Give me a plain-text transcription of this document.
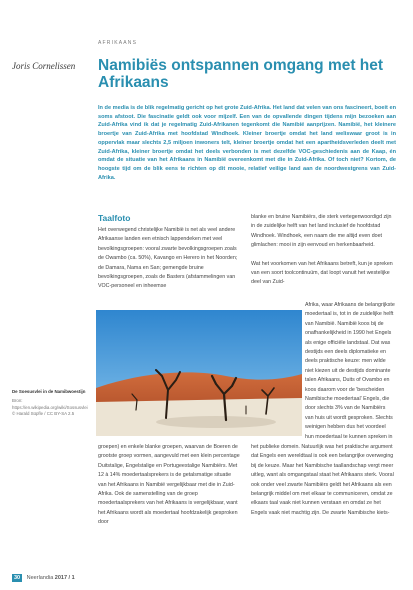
AFRIKAANS
Joris Cornelissen Namibiës ontspannen omgang met het Afrikaans

In de media is de blik regelmatig gericht op het grote Zuid-Afrika. Het land dat velen van ons fascineert, boeit en soms afstoot. Die fascinatie geldt ook voor mijzelf. Een van de opvallende dingen tijdens mijn bezoeken aan Zuid-Afrika vind ik dat je regelmatig Zuid-Afrikanen tegenkomt die Namibië aanprijzen. Namibië, het kleinere broertje van Zuid-Afrika met hoofdstad Windhoek. Kleiner broertje omdat het land weliswaar groot is in oppervlak maar slechts 2,5 miljoen inwoners telt, kleiner broertje omdat het een apartheidsverleden deelt met Zuid-Afrika, kleiner broertje omdat het deels verbonden is met dezelfde VOC-geschiedenis aan de Kaap, én omdat de situatie van het Afrikaans in Namibië overeenkomt met die in Zuid-Afrika. Of toch niet? Kortom, de hoogste tijd om de blik eens te richten op dit mooie, relatief veilige land aan de noordwestgrens van Zuid-Afrika.

Taalfoto

Het overwegend christelijke Namibië is net als veel andere Afrikaanse landen een etnisch lappendeken met veel bevolkingsgroepen: vooral zwarte bevolkingsgroepen zoals de Owambo (ca. 50%), Kavango en Herero in het Noorden; de Damara, Nama en San; gemengde bruine bevolkingsgroepen, zoals de Basters (afstammelingen van VOC-personeel en inheemse

blanke en bruine Namibiërs, die sterk vertegenwoordigd zijn in de zuidelijke helft van het land inclusief de hoofdstad Windhoek. Windhoek, een naam die me altijd even doet glimlachen: mooi in zijn eenvoud en herkenbaarheid.

Wat het voorkomen van het Afrikaans betreft, kun je spreken van een soort toolcontinuüm, dat loopt vanuit het westelijke deel van Zuid-

Afrika, waar Afrikaans de belangrijkste moedertaal is, tot in de zuidelijke helft van Namibië. Namibië koos bij de onafhankelijkheid in 1990 het Engels als enige officiële landstaal. Dat was destijds een deels diplomatieke en deels praktische keuze: men wilde niet kiezen uit de destijds dominante talen Afrikaans, Duits of Ovambo en koos daarom voor de 'bescheiden Namibische moedertaal' Engels, die door slechts 3% van de Namibiërs van huis uit wordt gesproken. Slechts weinigen hebben dus het voordeel hun moedertaal te kunnen spreken in

De Soesusvlei in de Namibwoestijn
Bron: https://en.wikipedia.org/wiki/Sossusvlei © Harald Süpfle / CC BY-SA 2.5

groepen) en enkele blanke groepen, waarvan de Boeren de grootste groep vormen, aangevuld met een klein percentage Duitstalige, Engelstalige en Portugeestalige Namibiërs. Met 12 à 14% moedertaalsprekers is de getalsmatige situatie van het Afrikaans in Namibië vergelijkbaar met die in Zuid-Afrika. Ook de samenstelling van de groep moedertaalsprekers van het Afrikaans is vergelijkbaar, want het Afrikaans wordt als moedertaal hoofdzakelijk gesproken door

het publieke domein. Natuurlijk was het praktische argument dat Engels een wereldtaal is ook een belangrijke overweging bij de keuze. Maar het Namibische taallandschap vergt meer uitleg, want als omgangstaal staat het Afrikaans sterk. Vooral ook onder veel zwarte Namibiërs geldt het Afrikaans als een belangrijk middel om met elkaar te communiceren, omdat ze elkaars taal vaak niet kunnen verstaan en omdat ze het Engels vaak niet machtig zijn. De zwarte Namibische kiets-

30 Neerlandia 2017 / 1
